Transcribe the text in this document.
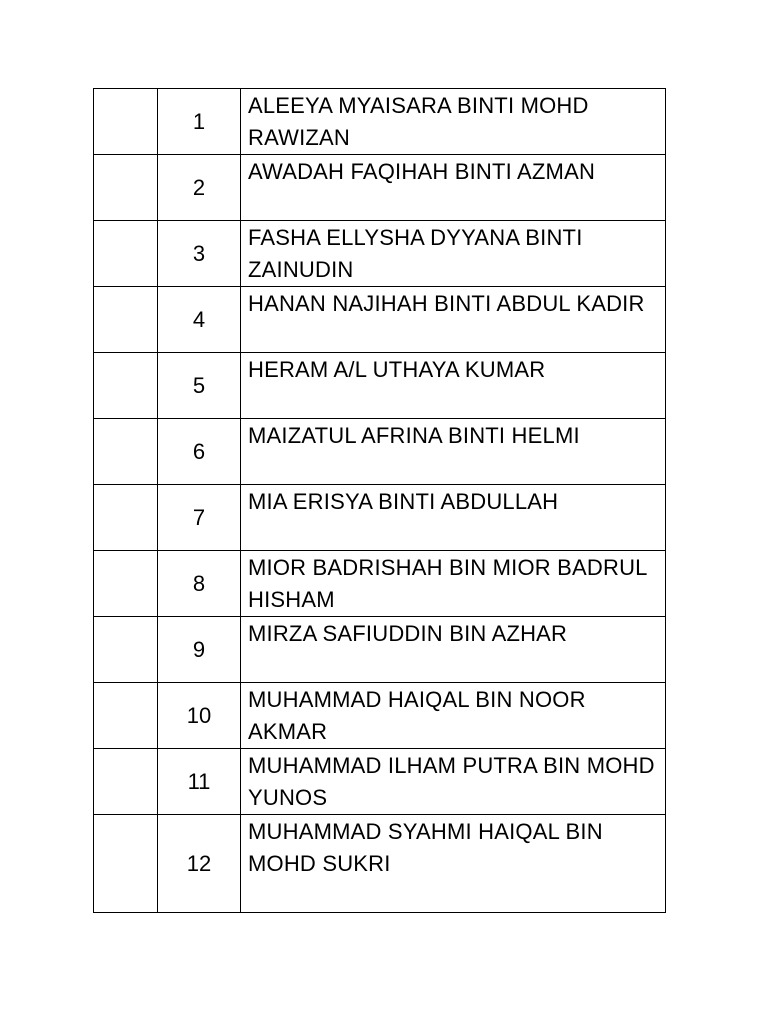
	1	ALEEYA MYAISARA BINTI MOHD RAWIZAN
	2	AWADAH FAQIHAH BINTI AZMAN
	3	FASHA ELLYSHA DYYANA BINTI ZAINUDIN
	4	HANAN NAJIHAH BINTI ABDUL KADIR
	5	HERAM A/L UTHAYA KUMAR
	6	MAIZATUL AFRINA BINTI HELMI
	7	MIA ERISYA BINTI ABDULLAH
	8	MIOR BADRISHAH BIN MIOR BADRUL HISHAM
	9	MIRZA SAFIUDDIN BIN AZHAR
	10	MUHAMMAD HAIQAL BIN NOOR AKMAR
	11	MUHAMMAD ILHAM PUTRA BIN MOHD YUNOS
	12	MUHAMMAD SYAHMI HAIQAL BIN MOHD SUKRI
